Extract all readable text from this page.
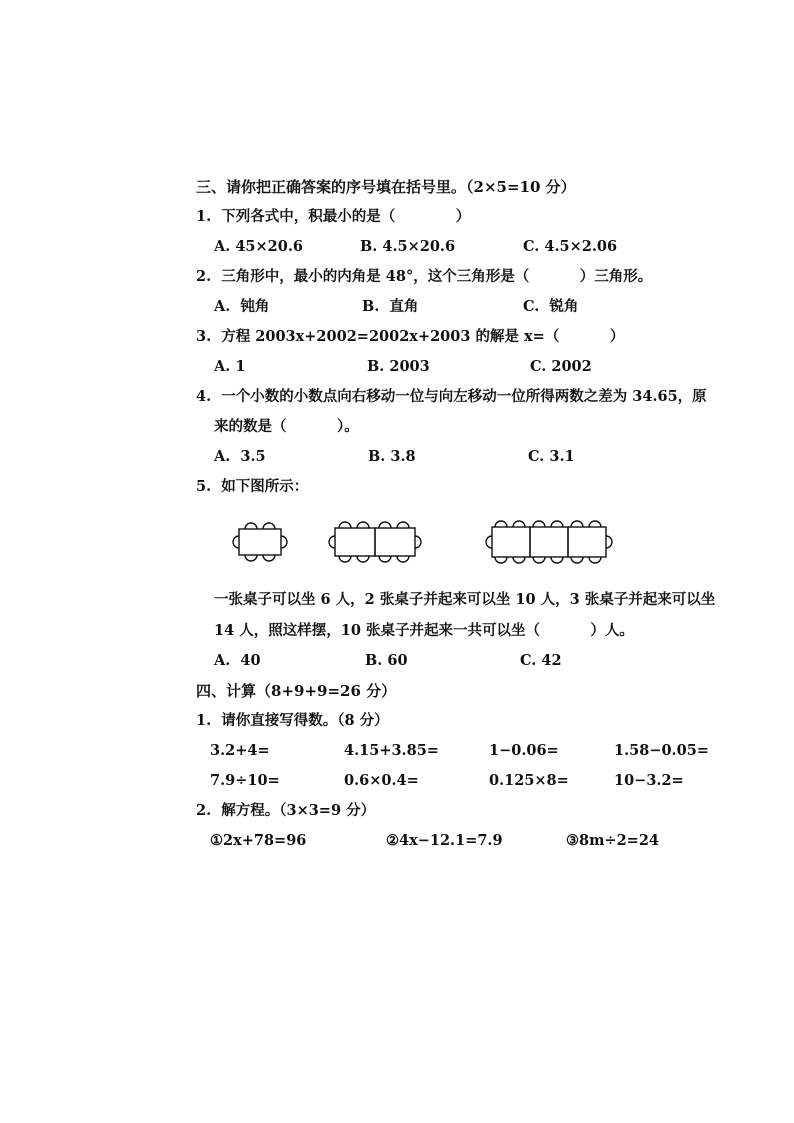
三、请你把正确答案的序号填在括号里。（2×5=10 分）
1.  下列各式中，积最小的是（            ）
A. 45×20.6	B. 4.5×20.6	C. 4.5×2.06
2.  三角形中，最小的内角是 48°，这个三角形是（          ）三角形。
A.  钝角	B.  直角	C.  锐角
3.  方程 2003x+2002=2002x+2003 的解是 x=（          ）
A. 1	B. 2003	C. 2002
4.  一个小数的小数点向右移动一位与向左移动一位所得两数之差为 34.65，原
来的数是（          ）。
A.  3.5	B. 3.8	C. 3.1
5.  如下图所示：
一张桌子可以坐 6 人，2 张桌子并起来可以坐 10 人，3 张桌子并起来可以坐
14 人，照这样摆，10 张桌子并起来一共可以坐（          ）人。
A.  40	B. 60	C. 42
四、计算（8+9+9=26 分）
1.  请你直接写得数。（8 分）
3.2+4=	4.15+3.85=	1−0.06=	1.58−0.05=
7.9÷10=	0.6×0.4=	0.125×8=	10−3.2=
2.  解方程。（3×3=9 分）
①2x+78=96	②4x−12.1=7.9	③8m÷2=24
